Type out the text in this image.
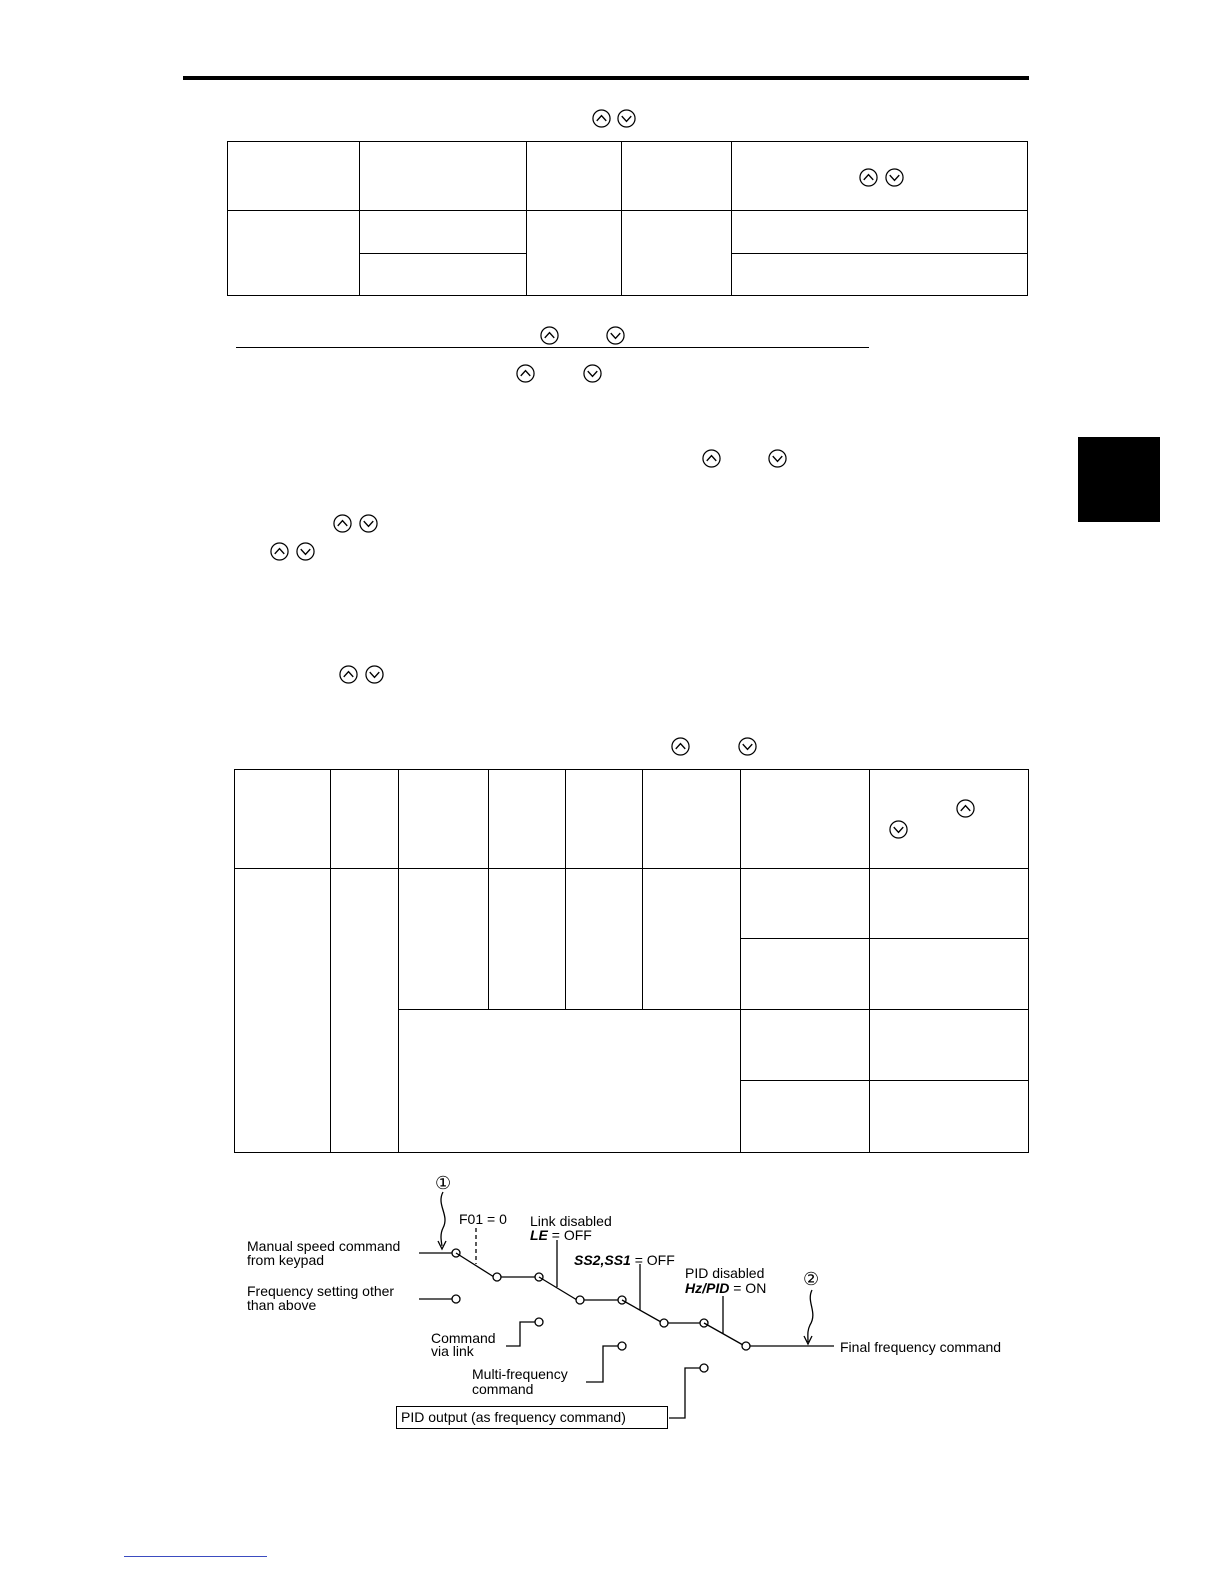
①
②
F01 = 0 Link disabled
LE = OFF
SS2,SS1 = OFF
PID disabled
Hz/PID = ON
Manual speed command
from keypad
Frequency setting other
than above
Command
via link
Multi-frequency
command
PID output (as frequency command)
Final frequency command
